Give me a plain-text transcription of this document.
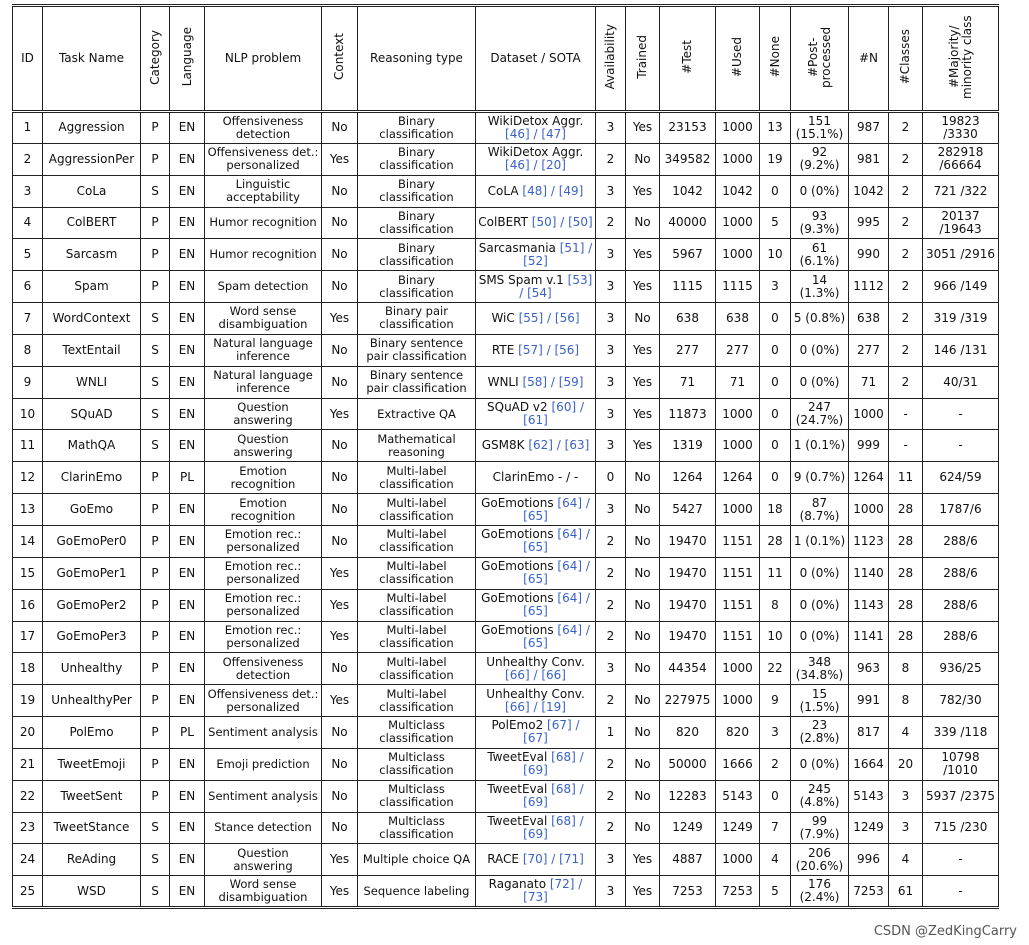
ID	Task Name	Category	Language	NLP problem	Context	Reasoning type	Dataset / SOTA	Availability	Trained	#Test	#Used	#None	#Post-processed	#N	#Classes	#Majority/ minority class
1	Aggression	P	EN	Offensiveness detection	No	Binary classification	WikiDetox Aggr. [46] / [47]	3	Yes	23153	1000	13	151 (15.1%)	987	2	19823 /3330
2	AggressionPer	P	EN	Offensiveness det.: personalized	Yes	Binary classification	WikiDetox Aggr. [46] / [20]	2	No	349582	1000	19	92 (9.2%)	981	2	282918 /66664
3	CoLa	S	EN	Linguistic acceptability	No	Binary classification	CoLA [48] / [49]	3	Yes	1042	1042	0	0 (0%)	1042	2	721 /322
4	ColBERT	P	EN	Humor recognition	No	Binary classification	ColBERT [50] / [50]	2	No	40000	1000	5	93 (9.3%)	995	2	20137 /19643
5	Sarcasm	P	EN	Humor recognition	No	Binary classification	Sarcasmania [51] / [52]	3	Yes	5967	1000	10	61 (6.1%)	990	2	3051 /2916
6	Spam	P	EN	Spam detection	No	Binary classification	SMS Spam v.1 [53] / [54]	3	Yes	1115	1115	3	14 (1.3%)	1112	2	966 /149
7	WordContext	S	EN	Word sense disambiguation	Yes	Binary pair classification	WiC [55] / [56]	3	No	638	638	0	5 (0.8%)	638	2	319 /319
8	TextEntail	S	EN	Natural language inference	No	Binary sentence pair classification	RTE [57] / [56]	3	Yes	277	277	0	0 (0%)	277	2	146 /131
9	WNLI	S	EN	Natural language inference	No	Binary sentence pair classification	WNLI [58] / [59]	3	Yes	71	71	0	0 (0%)	71	2	40/31
10	SQuAD	S	EN	Question answering	Yes	Extractive QA	SQuAD v2 [60] / [61]	3	Yes	11873	1000	0	247 (24.7%)	1000	-	-
11	MathQA	S	EN	Question answering	No	Mathematical reasoning	GSM8K [62] / [63]	3	Yes	1319	1000	0	1 (0.1%)	999	-	-
12	ClarinEmo	P	PL	Emotion recognition	No	Multi-label classification	ClarinEmo - / -	0	No	1264	1264	0	9 (0.7%)	1264	11	624/59
13	GoEmo	P	EN	Emotion recognition	No	Multi-label classification	GoEmotions [64] / [65]	3	No	5427	1000	18	87 (8.7%)	1000	28	1787/6
14	GoEmoPer0	P	EN	Emotion rec.: personalized	No	Multi-label classification	GoEmotions [64] / [65]	2	No	19470	1151	28	1 (0.1%)	1123	28	288/6
15	GoEmoPer1	P	EN	Emotion rec.: personalized	Yes	Multi-label classification	GoEmotions [64] / [65]	2	No	19470	1151	11	0 (0%)	1140	28	288/6
16	GoEmoPer2	P	EN	Emotion rec.: personalized	Yes	Multi-label classification	GoEmotions [64] / [65]	2	No	19470	1151	8	0 (0%)	1143	28	288/6
17	GoEmoPer3	P	EN	Emotion rec.: personalized	Yes	Multi-label classification	GoEmotions [64] / [65]	2	No	19470	1151	10	0 (0%)	1141	28	288/6
18	Unhealthy	P	EN	Offensiveness detection	No	Multi-label classification	Unhealthy Conv. [66] / [66]	3	No	44354	1000	22	348 (34.8%)	963	8	936/25
19	UnhealthyPer	P	EN	Offensiveness det.: personalized	Yes	Multi-label classification	Unhealthy Conv. [66] / [19]	2	No	227975	1000	9	15 (1.5%)	991	8	782/30
20	PolEmo	P	PL	Sentiment analysis	No	Multiclass classification	PolEmo2 [67] / [67]	1	No	820	820	3	23 (2.8%)	817	4	339 /118
21	TweetEmoji	P	EN	Emoji prediction	No	Multiclass classification	TweetEval [68] / [69]	2	No	50000	1666	2	0 (0%)	1664	20	10798 /1010
22	TweetSent	P	EN	Sentiment analysis	No	Multiclass classification	TweetEval [68] / [69]	2	No	12283	5143	0	245 (4.8%)	5143	3	5937 /2375
23	TweetStance	S	EN	Stance detection	No	Multiclass classification	TweetEval [68] / [69]	2	No	1249	1249	7	99 (7.9%)	1249	3	715 /230
24	ReAding	S	EN	Question answering	Yes	Multiple choice QA	RACE [70] / [71]	3	Yes	4887	1000	4	206 (20.6%)	996	4	-
25	WSD	S	EN	Word sense disambiguation	Yes	Sequence labeling	Raganato [72] / [73]	3	Yes	7253	7253	5	176 (2.4%)	7253	61	-
CSDN @ZedKingCarry
